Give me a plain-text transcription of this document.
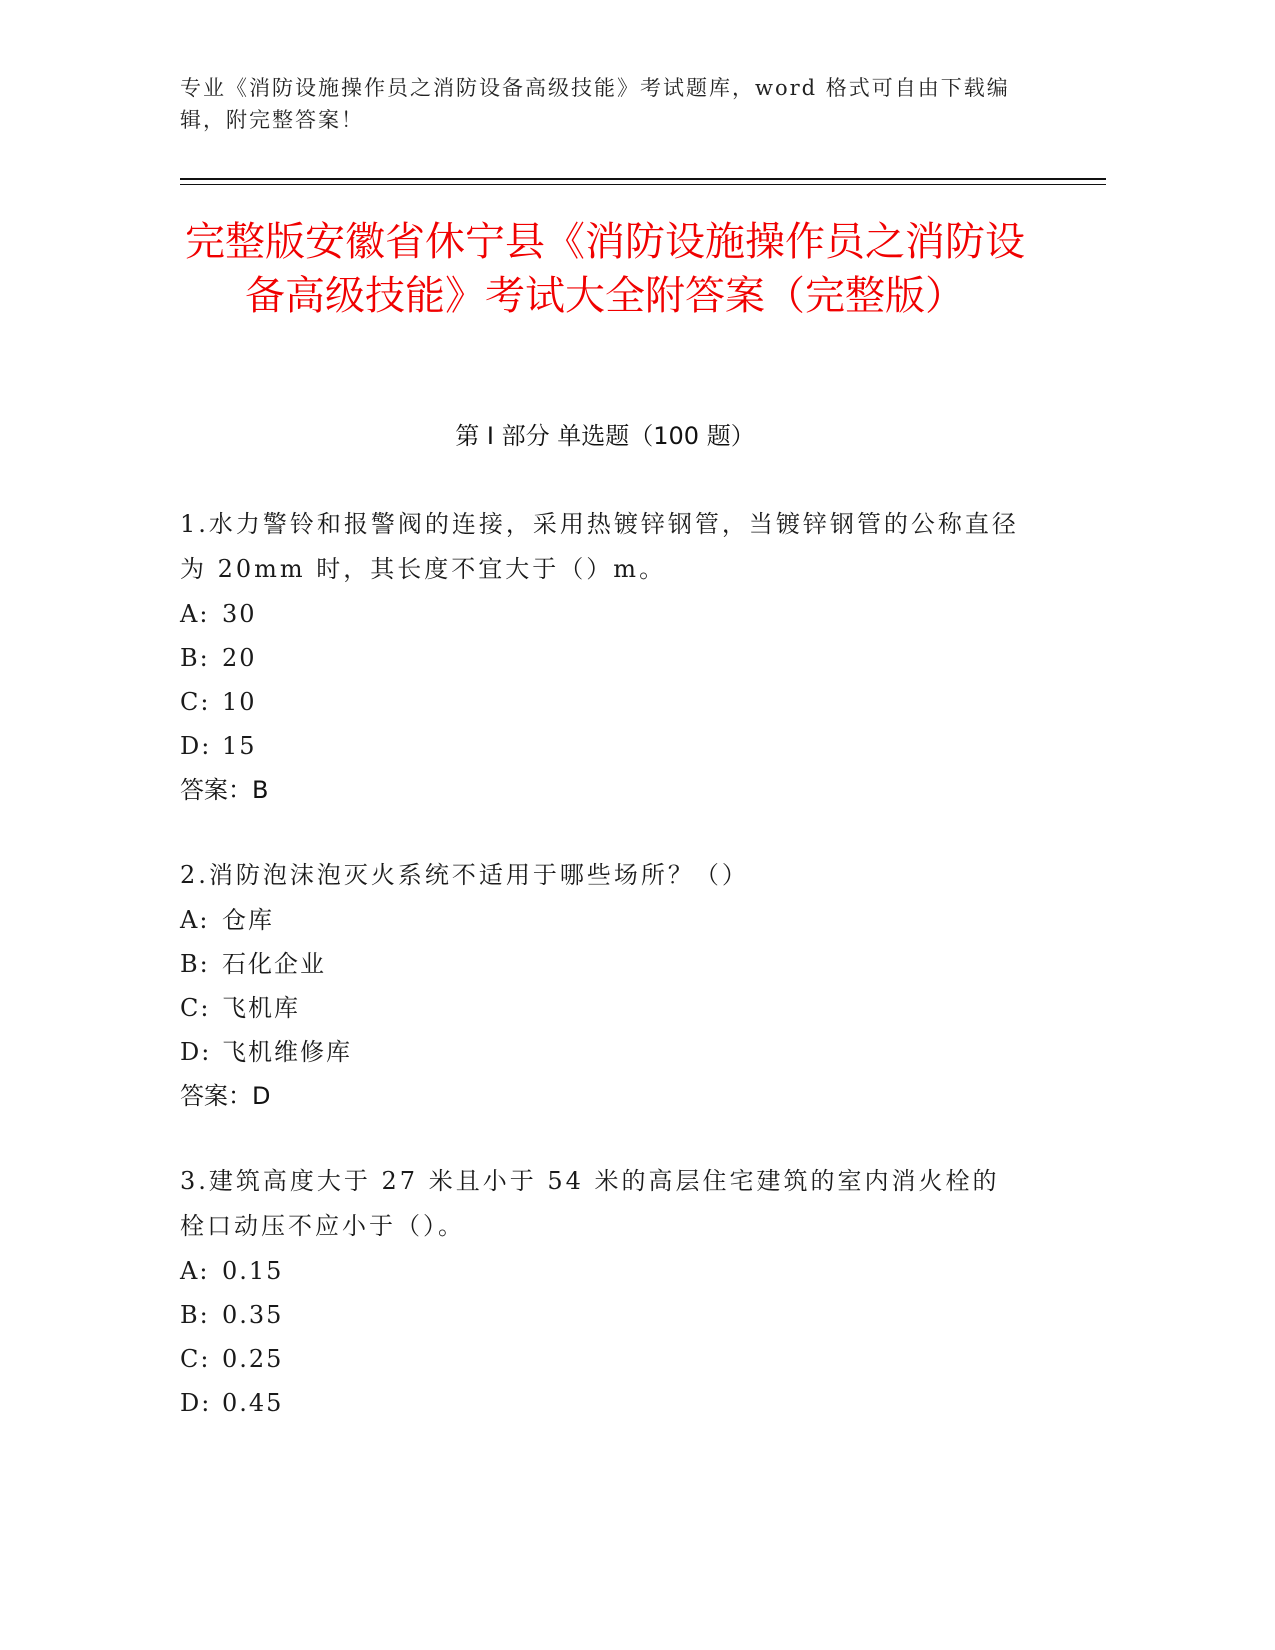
专业《消防设施操作员之消防设备高级技能》考试题库，word 格式可自由下载编辑，附完整答案！
完整版安徽省休宁县《消防设施操作员之消防设备高级技能》考试大全附答案（完整版）
第 I 部分 单选题（100 题）

1.水力警铃和报警阀的连接，采用热镀锌钢管，当镀锌钢管的公称直径为 20mm 时，其长度不宜大于（）m。

A: 30

B: 20

C: 10

D: 15

答案：B

2.消防泡沫泡灭火系统不适用于哪些场所？（）

A: 仓库

B: 石化企业

C: 飞机库

D: 飞机维修库

答案：D

3.建筑高度大于 27 米且小于 54 米的高层住宅建筑的室内消火栓的栓口动压不应小于（）。

A: 0.15

B: 0.35

C: 0.25

D: 0.45
